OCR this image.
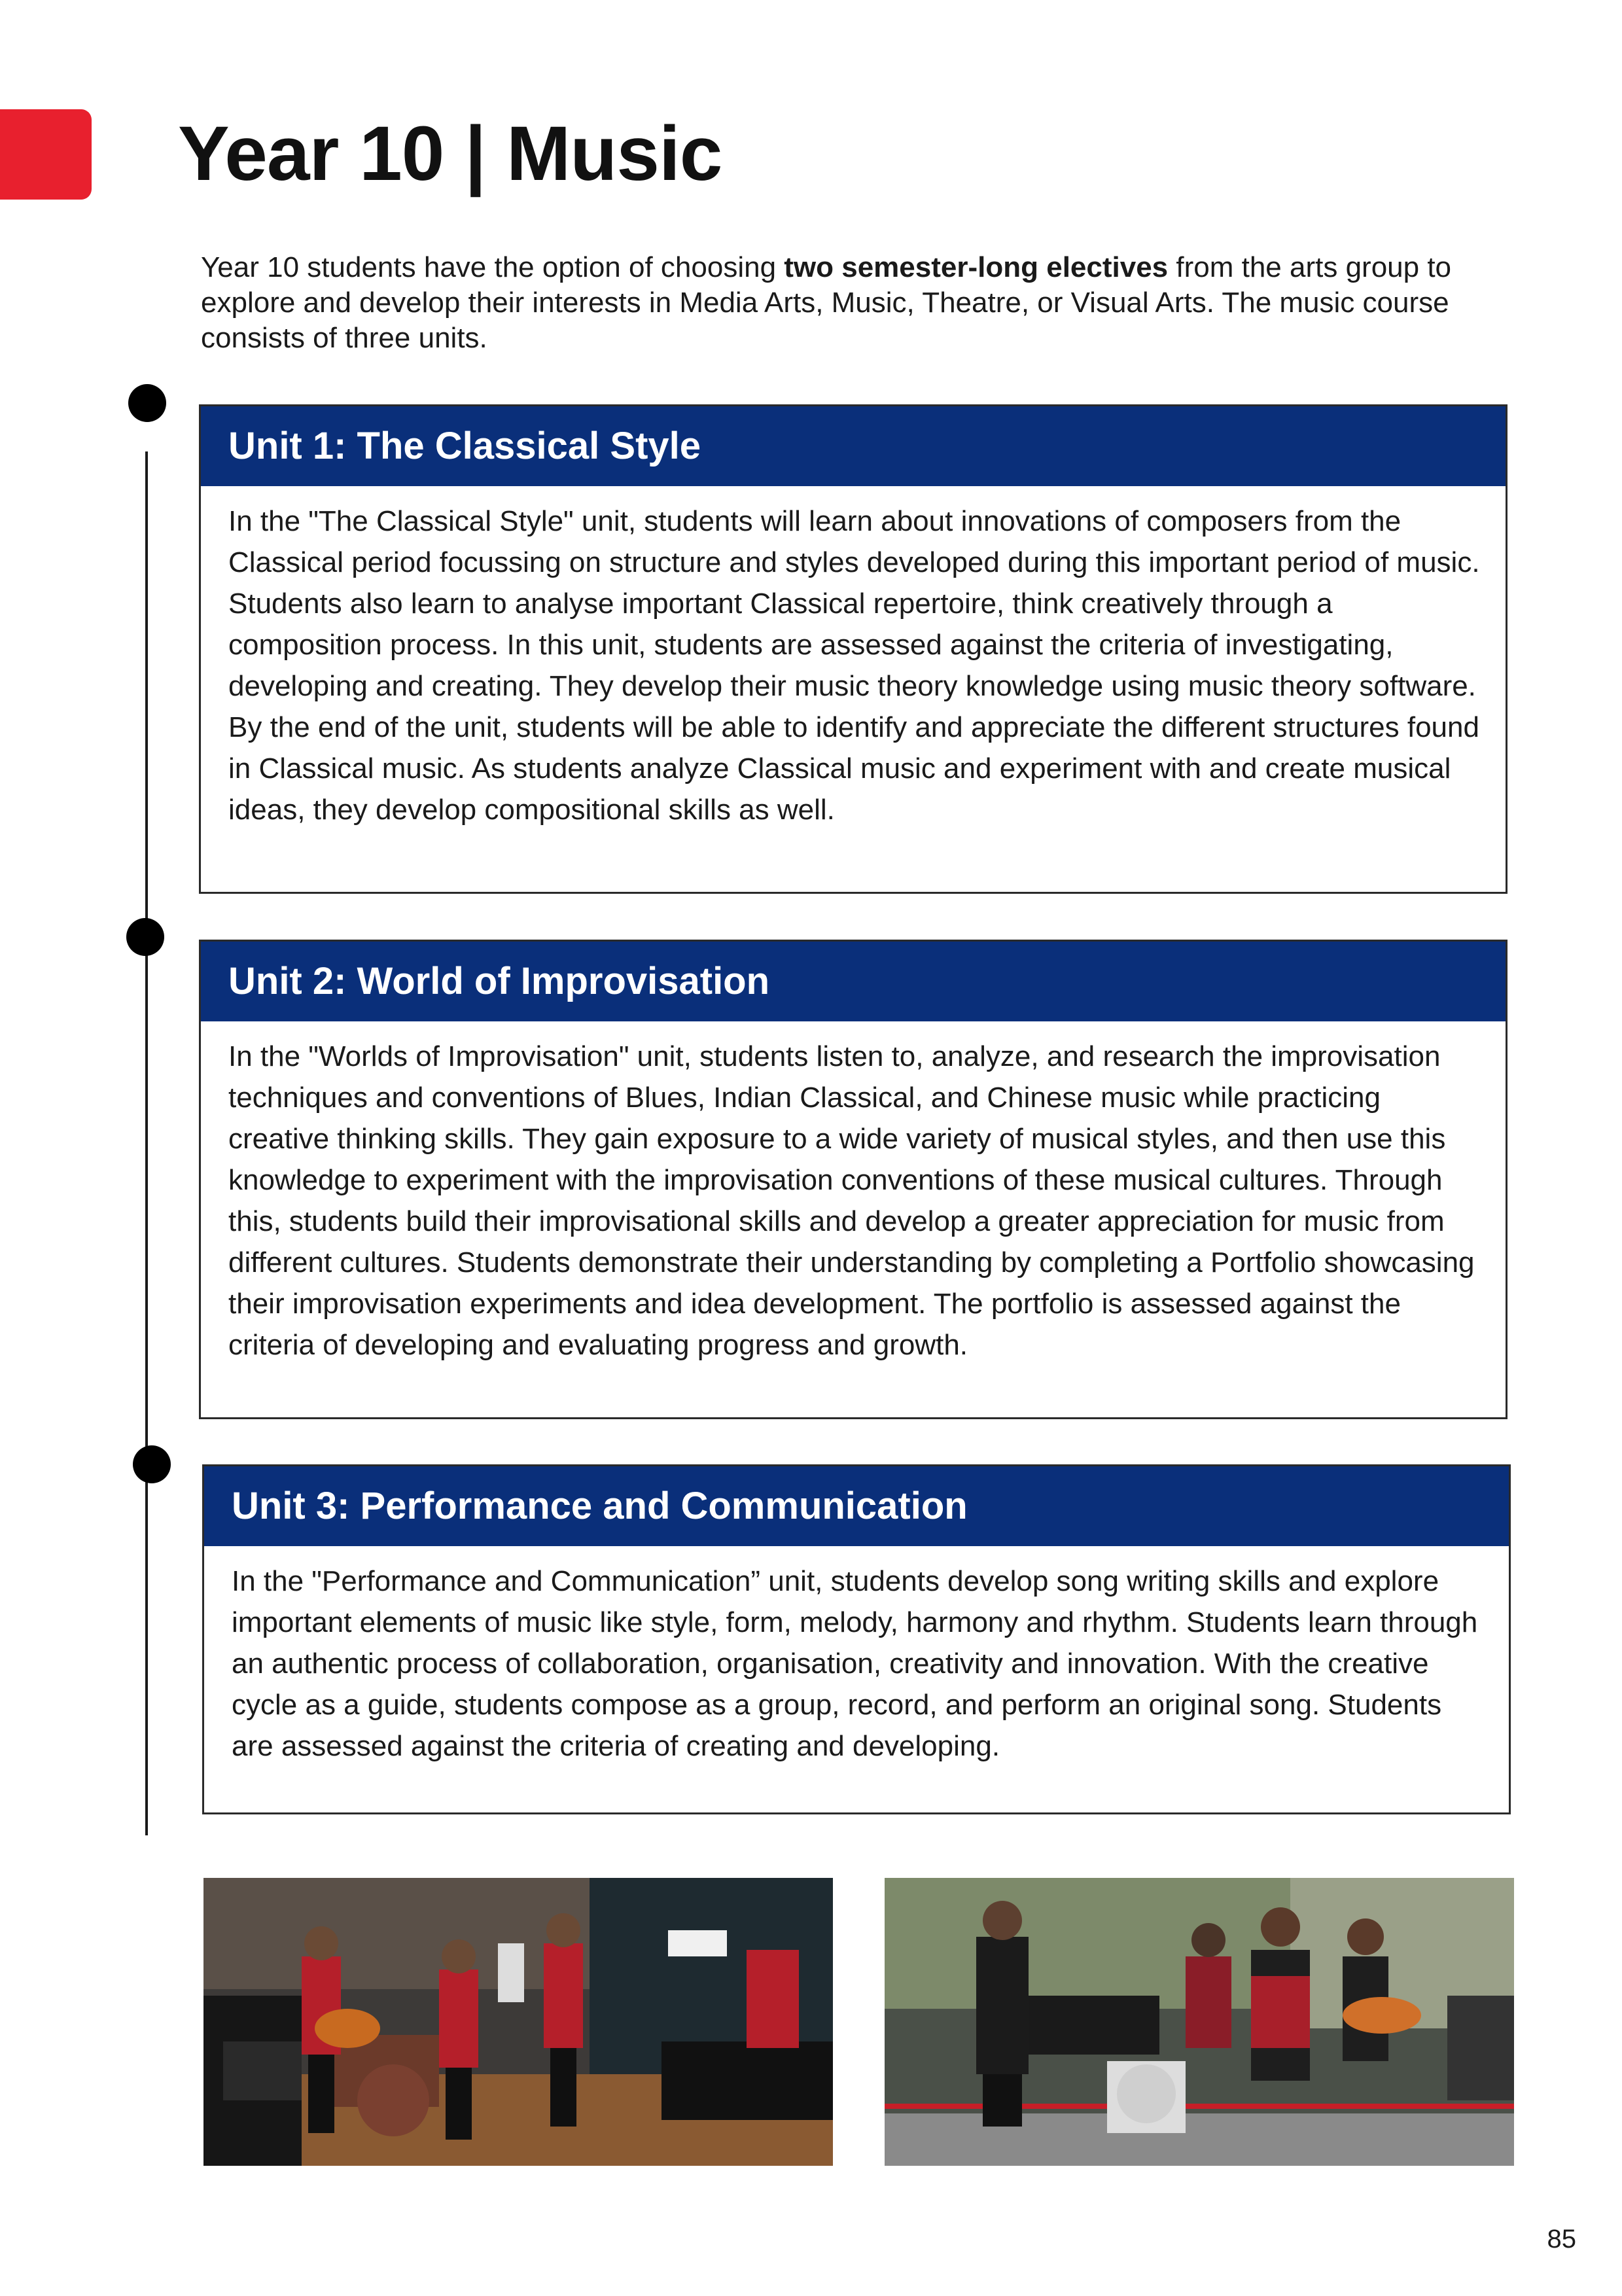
Year 10 | Music

Year 10 students have the option of choosing two semester-long electives from the arts group to explore and develop their interests in Media Arts, Music, Theatre, or Visual Arts. The music course consists of three units.

Unit 1: The Classical Style

In the "The Classical Style" unit, students will learn about innovations of composers from the Classical period focussing on structure and styles developed during this important period of music. Students also learn to analyse important Classical repertoire, think creatively through a composition process. In this unit, students are assessed against the criteria of investigating, developing and creating. They develop their music theory knowledge using music theory software. By the end of the unit, students will be able to identify and appreciate the different structures found in Classical music. As students analyze Classical music and experiment with and create musical ideas, they develop compositional skills as well.

Unit 2: World of Improvisation

In the "Worlds of Improvisation" unit, students listen to, analyze, and research the improvisation techniques and conventions of Blues, Indian Classical, and Chinese music while practicing creative thinking skills. They gain exposure to a wide variety of musical styles, and then use this knowledge to experiment with the improvisation conventions of these musical cultures. Through this, students build their improvisational skills and develop a greater appreciation for music from different cultures. Students demonstrate their understanding by completing a Portfolio showcasing their improvisation experiments and idea development. The portfolio is assessed against the criteria of developing and evaluating progress and growth.

Unit 3: Performance and Communication

In the "Performance and Communication” unit, students develop song writing skills and explore important elements of music like style, form, melody, harmony and rhythm. Students learn through an authentic process of collaboration, organisation, creativity and innovation. With the creative cycle as a guide, students compose as a group, record, and perform an original song. Students are assessed against the criteria of creating and developing.

85
